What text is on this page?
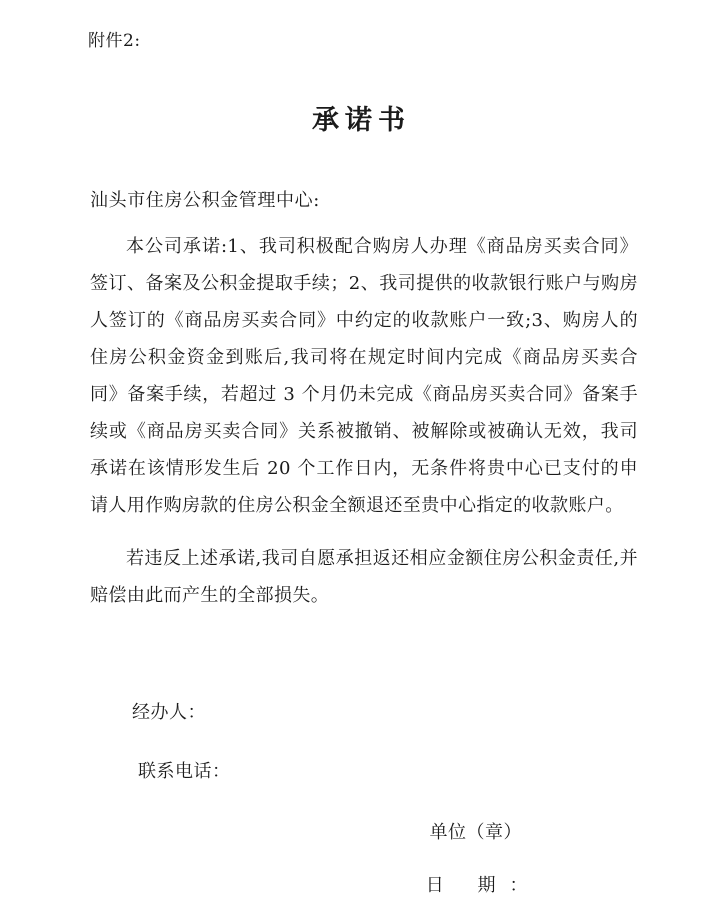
附件2:
承诺书
汕头市住房公积金管理中心:

本公司承诺:1、我司积极配合购房人办理《商品房买卖合同》签订、备案及公积金提取手续；2、我司提供的收款银行账户与购房人签订的《商品房买卖合同》中约定的收款账户一致;3、购房人的住房公积金资金到账后,我司将在规定时间内完成《商品房买卖合同》备案手续，若超过 3 个月仍未完成《商品房买卖合同》备案手续或《商品房买卖合同》关系被撤销、被解除或被确认无效，我司承诺在该情形发生后 20 个工作日内，无条件将贵中心已支付的申请人用作购房款的住房公积金全额退还至贵中心指定的收款账户。

若违反上述承诺,我司自愿承担返还相应金额住房公积金责任,并赔偿由此而产生的全部损失。

经办人：
联系电话：
单位（章）
日 期：
